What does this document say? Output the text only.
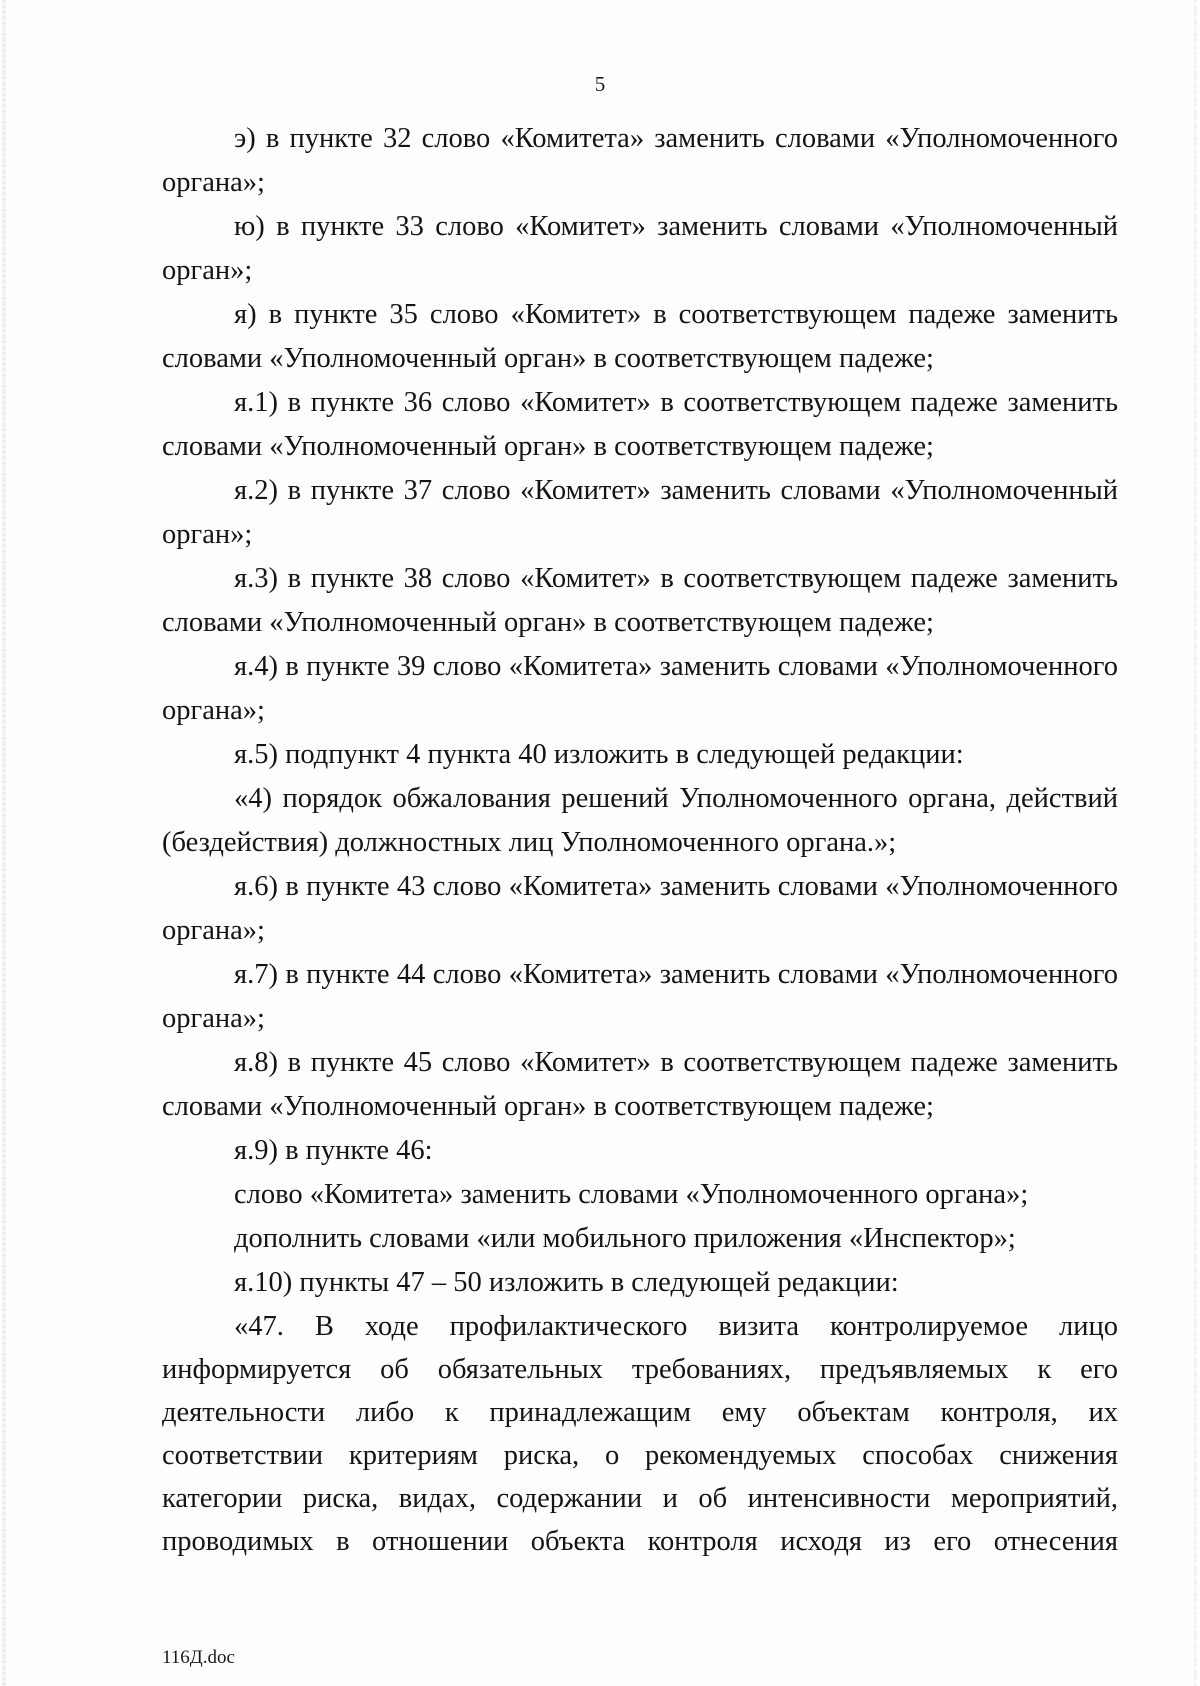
5

э) в пункте 32 слово «Комитета» заменить словами «Уполномоченного органа»;

ю) в пункте 33 слово «Комитет» заменить словами «Уполномоченный орган»;

я) в пункте 35 слово «Комитет» в соответствующем падеже заменить словами «Уполномоченный орган» в соответствующем падеже;

я.1) в пункте 36 слово «Комитет» в соответствующем падеже заменить словами «Уполномоченный орган» в соответствующем падеже;

я.2) в пункте 37 слово «Комитет» заменить словами «Уполномоченный орган»;

я.3) в пункте 38 слово «Комитет» в соответствующем падеже заменить словами «Уполномоченный орган» в соответствующем падеже;

я.4) в пункте 39 слово «Комитета» заменить словами «Уполномоченного органа»;

я.5) подпункт 4 пункта 40 изложить в следующей редакции:

«4) порядок обжалования решений Уполномоченного органа, действий (бездействия) должностных лиц Уполномоченного органа.»;

я.6) в пункте 43 слово «Комитета» заменить словами «Уполномоченного органа»;

я.7) в пункте 44 слово «Комитета» заменить словами «Уполномоченного органа»;

я.8) в пункте 45 слово «Комитет» в соответствующем падеже заменить словами «Уполномоченный орган» в соответствующем падеже;

я.9) в пункте 46:

слово «Комитета» заменить словами «Уполномоченного органа»;

дополнить словами «или мобильного приложения «Инспектор»;

я.10) пункты 47 – 50 изложить в следующей редакции:

«47. В ходе профилактического визита контролируемое лицо информируется об обязательных требованиях, предъявляемых к его деятельности либо к принадлежащим ему объектам контроля, их соответствии критериям риска, о рекомендуемых способах снижения категории риска, видах, содержании и об интенсивности мероприятий, проводимых в отношении объекта контроля исходя из его отнесения

116Д.doc
